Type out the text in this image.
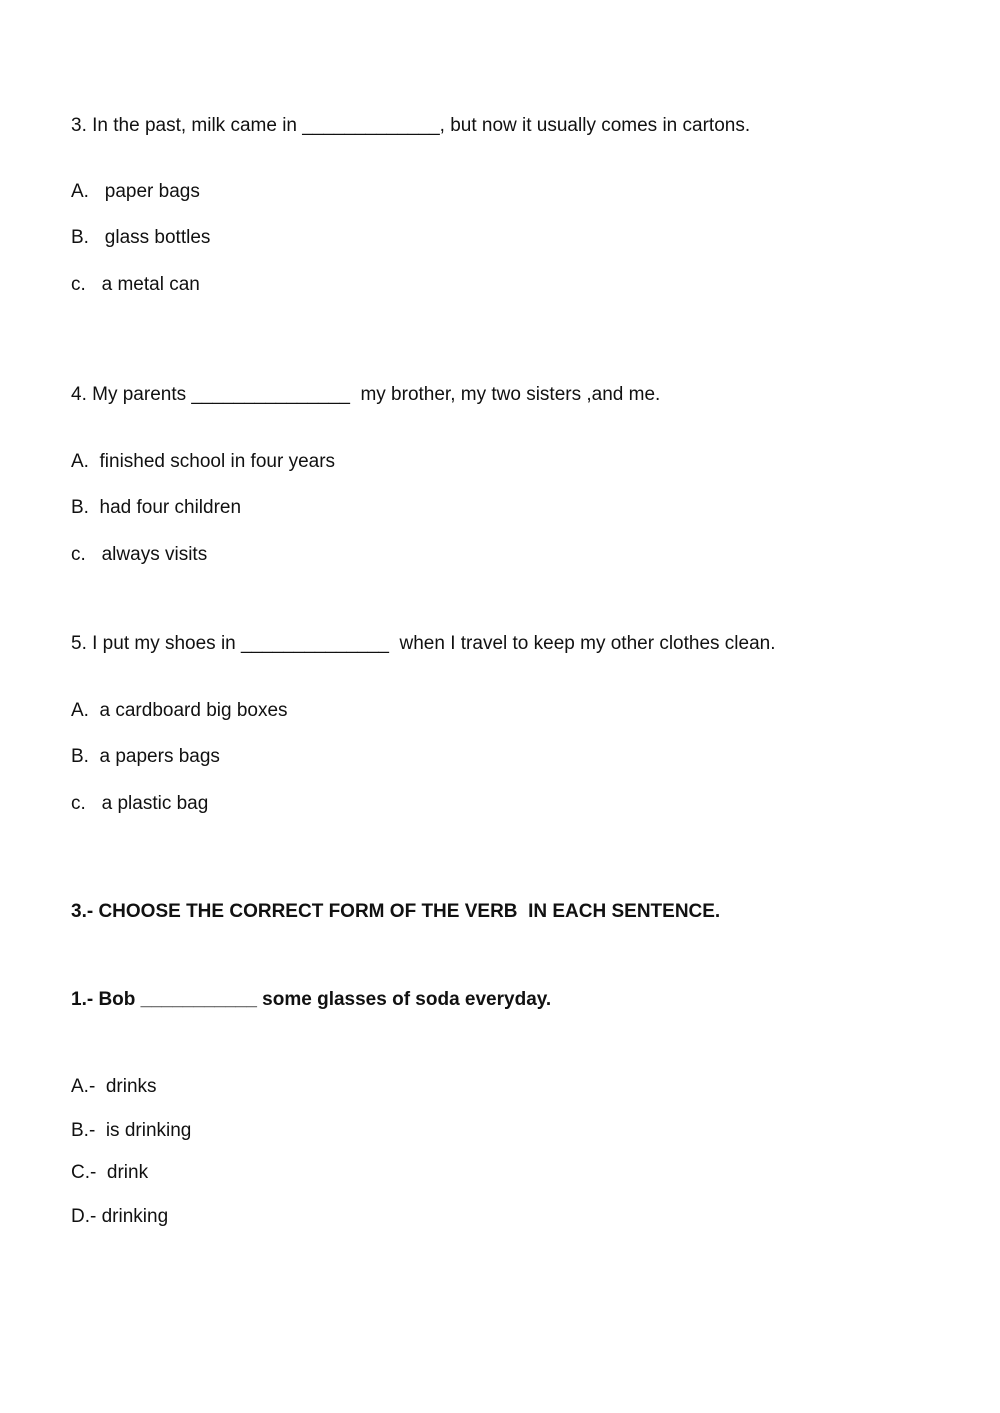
3. In the past, milk came in _____________, but now it usually comes in cartons.
A.   paper bags
B.   glass bottles
c.   a metal can
4. My parents _______________  my brother, my two sisters ,and me.
A.  finished school in four years
B.  had four children
c.   always visits
5. I put my shoes in ______________  when I travel to keep my other clothes clean.
A.  a cardboard big boxes
B.  a papers bags
c.   a plastic bag
3.- CHOOSE THE CORRECT FORM OF THE VERB  IN EACH SENTENCE.
1.- Bob ___________ some glasses of soda everyday.
A.-  drinks
B.-  is drinking
C.-  drink
D.- drinking
